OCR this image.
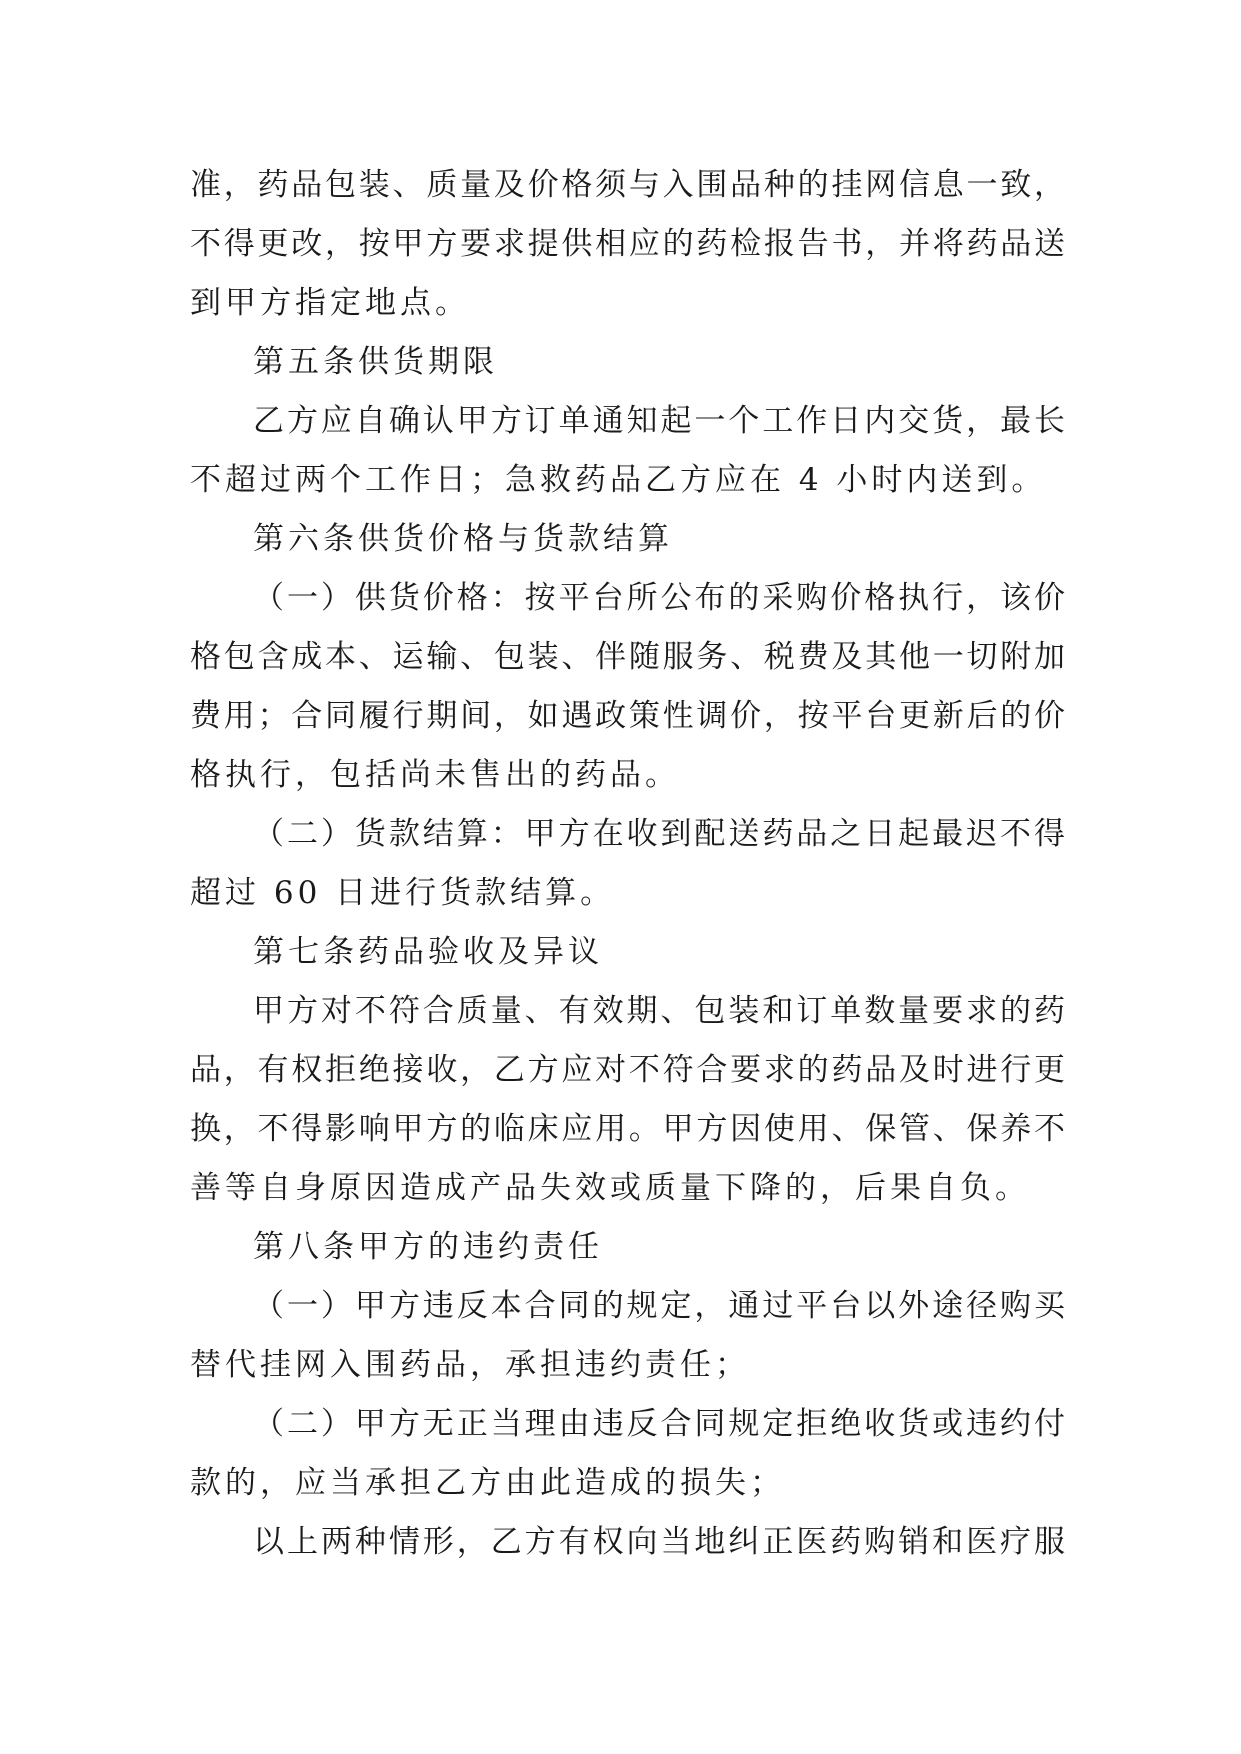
准，药品包装、质量及价格须与入围品种的挂网信息一致，
不得更改，按甲方要求提供相应的药检报告书，并将药品送
到甲方指定地点。
第五条供货期限
乙方应自确认甲方订单通知起一个工作日内交货，最长
不超过两个工作日；急救药品乙方应在 4 小时内送到。
第六条供货价格与货款结算
（一）供货价格：按平台所公布的采购价格执行，该价
格包含成本、运输、包装、伴随服务、税费及其他一切附加
费用；合同履行期间，如遇政策性调价，按平台更新后的价
格执行，包括尚未售出的药品。
（二）货款结算：甲方在收到配送药品之日起最迟不得
超过 60 日进行货款结算。
第七条药品验收及异议
甲方对不符合质量、有效期、包装和订单数量要求的药
品，有权拒绝接收，乙方应对不符合要求的药品及时进行更
换，不得影响甲方的临床应用。甲方因使用、保管、保养不
善等自身原因造成产品失效或质量下降的，后果自负。
第八条甲方的违约责任
（一）甲方违反本合同的规定，通过平台以外途径购买
替代挂网入围药品，承担违约责任；
（二）甲方无正当理由违反合同规定拒绝收货或违约付
款的，应当承担乙方由此造成的损失；
以上两种情形，乙方有权向当地纠正医药购销和医疗服
